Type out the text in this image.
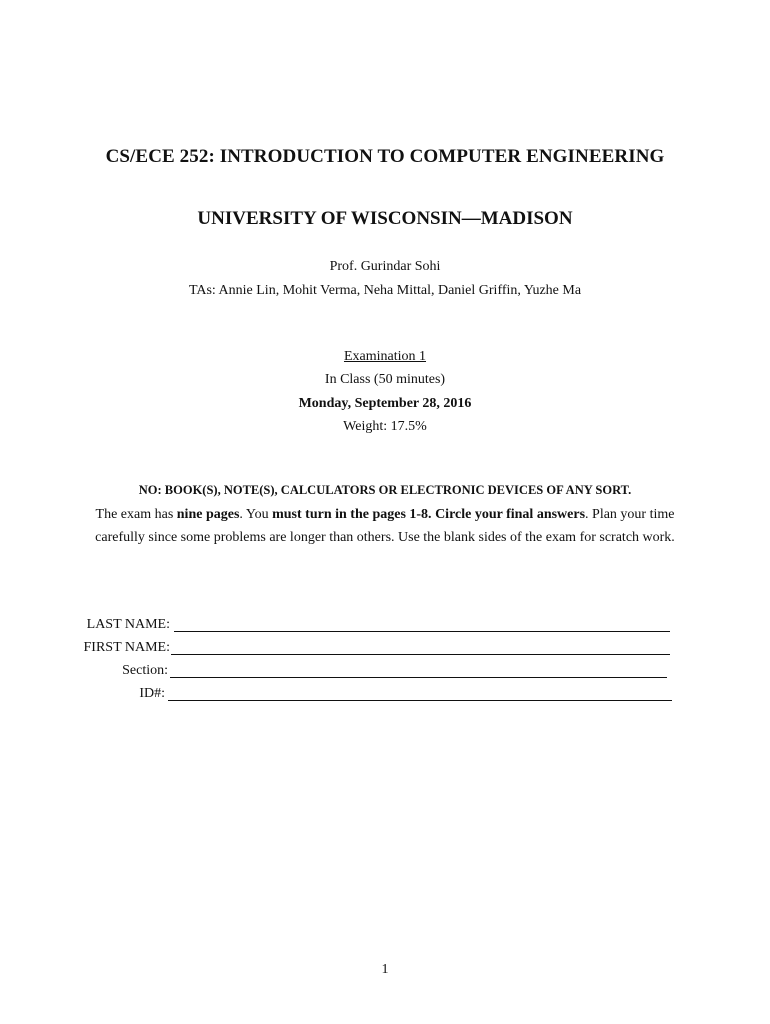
CS/ECE 252: INTRODUCTION TO COMPUTER ENGINEERING
UNIVERSITY OF WISCONSIN—MADISON
Prof. Gurindar Sohi
TAs: Annie Lin, Mohit Verma, Neha Mittal, Daniel Griffin, Yuzhe Ma
Examination 1
In Class (50 minutes)
Monday, September 28, 2016
Weight: 17.5%
NO: BOOK(S), NOTE(S), CALCULATORS OR ELECTRONIC DEVICES OF ANY SORT.
The exam has nine pages. You must turn in the pages 1-8. Circle your final answers. Plan your time carefully since some problems are longer than others. Use the blank sides of the exam for scratch work.
LAST NAME:
FIRST NAME:
Section:
ID#:
1
